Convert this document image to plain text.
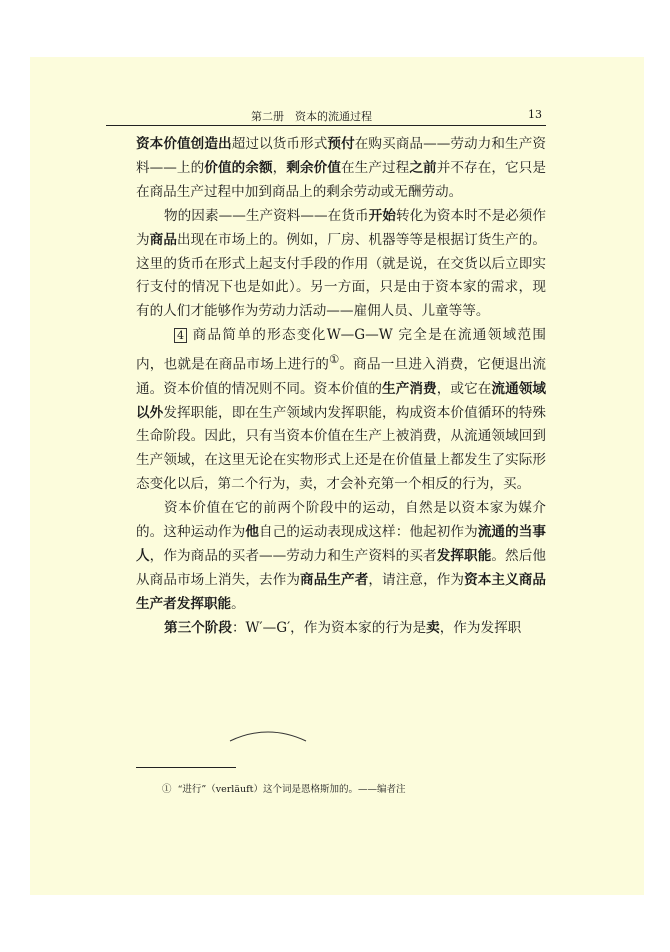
第二册　资本的流通过程	13

资本价值创造出超过以货币形式预付在购买商品——劳动力和生产资料——上的价值的余额，剩余价值在生产过程之前并不存在，它只是在商品生产过程中加到商品上的剩余劳动或无酬劳动。

物的因素——生产资料——在货币开始转化为资本时不是必须作为商品出现在市场上的。例如，厂房、机器等等是根据订货生产的。这里的货币在形式上起支付手段的作用（就是说，在交货以后立即实行支付的情况下也是如此）。另一方面，只是由于资本家的需求，现有的人们才能够作为劳动力活动——雇佣人员、儿童等等。

4 商品简单的形态变化W—G—W 完全是在流通领域范围内，也就是在商品市场上进行的①。商品一旦进入消费，它便退出流通。资本价值的情况则不同。资本价值的生产消费，或它在流通领域以外发挥职能，即在生产领域内发挥职能，构成资本价值循环的特殊生命阶段。因此，只有当资本价值在生产上被消费，从流通领域回到生产领域，在这里无论在实物形式上还是在价值量上都发生了实际形态变化以后，第二个行为，卖，才会补充第一个相反的行为，买。

资本价值在它的前两个阶段中的运动，自然是以资本家为媒介的。这种运动作为他自己的运动表现成这样：他起初作为流通的当事人，作为商品的买者——劳动力和生产资料的买者发挥职能。然后他从商品市场上消失，去作为商品生产者，请注意，作为资本主义商品生产者发挥职能。

第三个阶段：W′—G′，作为资本家的行为是卖，作为发挥职

① “进行”（verläuft）这个词是恩格斯加的。——编者注
